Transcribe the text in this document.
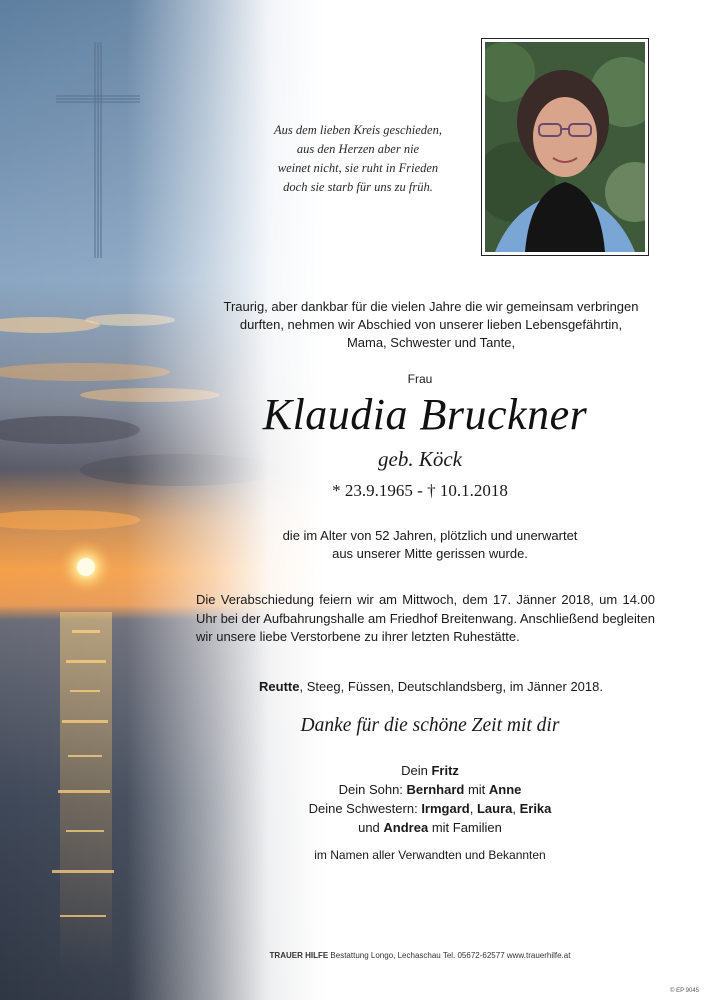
Aus dem lieben Kreis geschieden,
aus den Herzen aber nie
weinet nicht, sie ruht in Frieden
doch sie starb für uns zu früh.
Traurig, aber dankbar für die vielen Jahre die wir gemeinsam verbringen
durften, nehmen wir Abschied von unserer lieben Lebensgefährtin,
Mama, Schwester und Tante,
Frau
Klaudia Bruckner
geb. Köck
* 23.9.1965 - † 10.1.2018
die im Alter von 52 Jahren, plötzlich und unerwartet
aus unserer Mitte gerissen wurde.
Die Verabschiedung feiern wir am Mittwoch, dem 17. Jänner 2018, um 14.00 Uhr bei der Aufbahrungshalle am Friedhof Breitenwang. Anschließend begleiten wir unsere liebe Verstorbene zu ihrer letzten Ruhestätte.
Reutte, Steeg, Füssen, Deutschlandsberg, im Jänner 2018.
Danke für die schöne Zeit mit dir
Dein Fritz
Dein Sohn: Bernhard mit Anne
Deine Schwestern: Irmgard, Laura, Erika
und Andrea mit Familien
im Namen aller Verwandten und Bekannten
TRAUER HILFE Bestattung Longo, Lechaschau Tel. 05672-62577 www.trauerhilfe.at
© EP 9045
